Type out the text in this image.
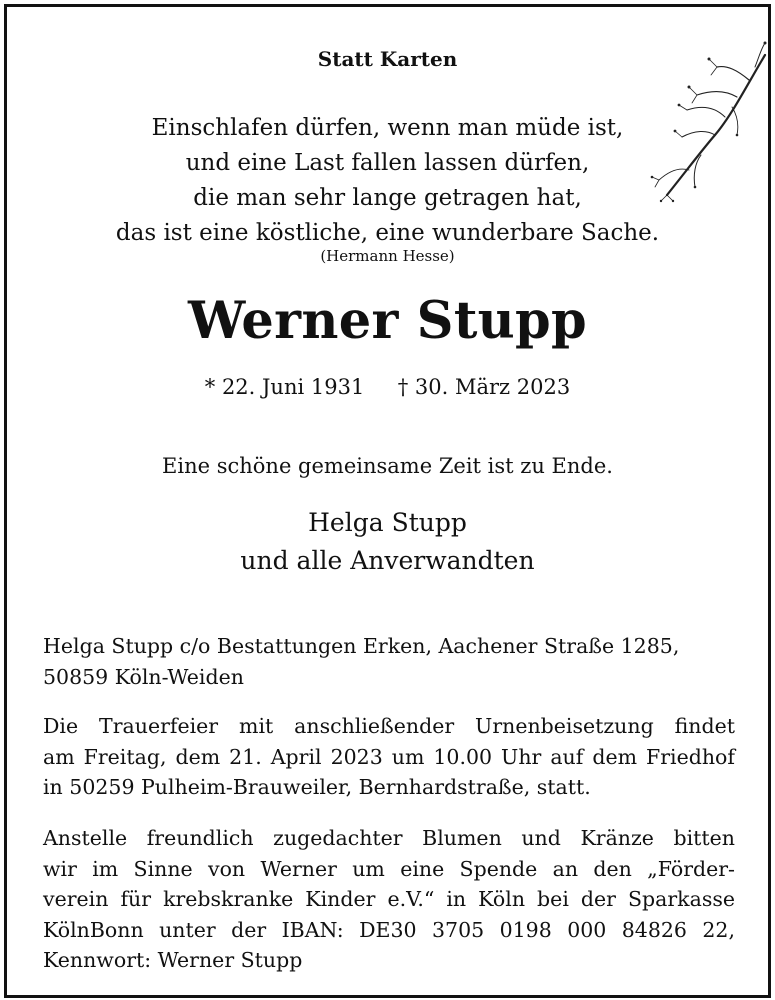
Statt Karten
Einschlafen dürfen, wenn man müde ist,
und eine Last fallen lassen dürfen,
die man sehr lange getragen hat,
das ist eine köstliche, eine wunderbare Sache.
(Hermann Hesse)
Werner Stupp
* 22. Juni 1931 † 30. März 2023
Eine schöne gemeinsame Zeit ist zu Ende.
Helga Stupp
und alle Anverwandten
Helga Stupp c/o Bestattungen Erken, Aachener Straße 1285,
50859 Köln-Weiden
Die Trauerfeier mit anschließender Urnenbeisetzung findet
am Freitag, dem 21. April 2023 um 10.00 Uhr auf dem Friedhof
in 50259 Pulheim-Brauweiler, Bernhardstraße, statt.
Anstelle freundlich zugedachter Blumen und Kränze bitten
wir im Sinne von Werner um eine Spende an den „Förder-
verein für krebskranke Kinder e.V.“ in Köln bei der Sparkasse
KölnBonn unter der IBAN: DE30 3705 0198 000 84826 22,
Kennwort: Werner Stupp
